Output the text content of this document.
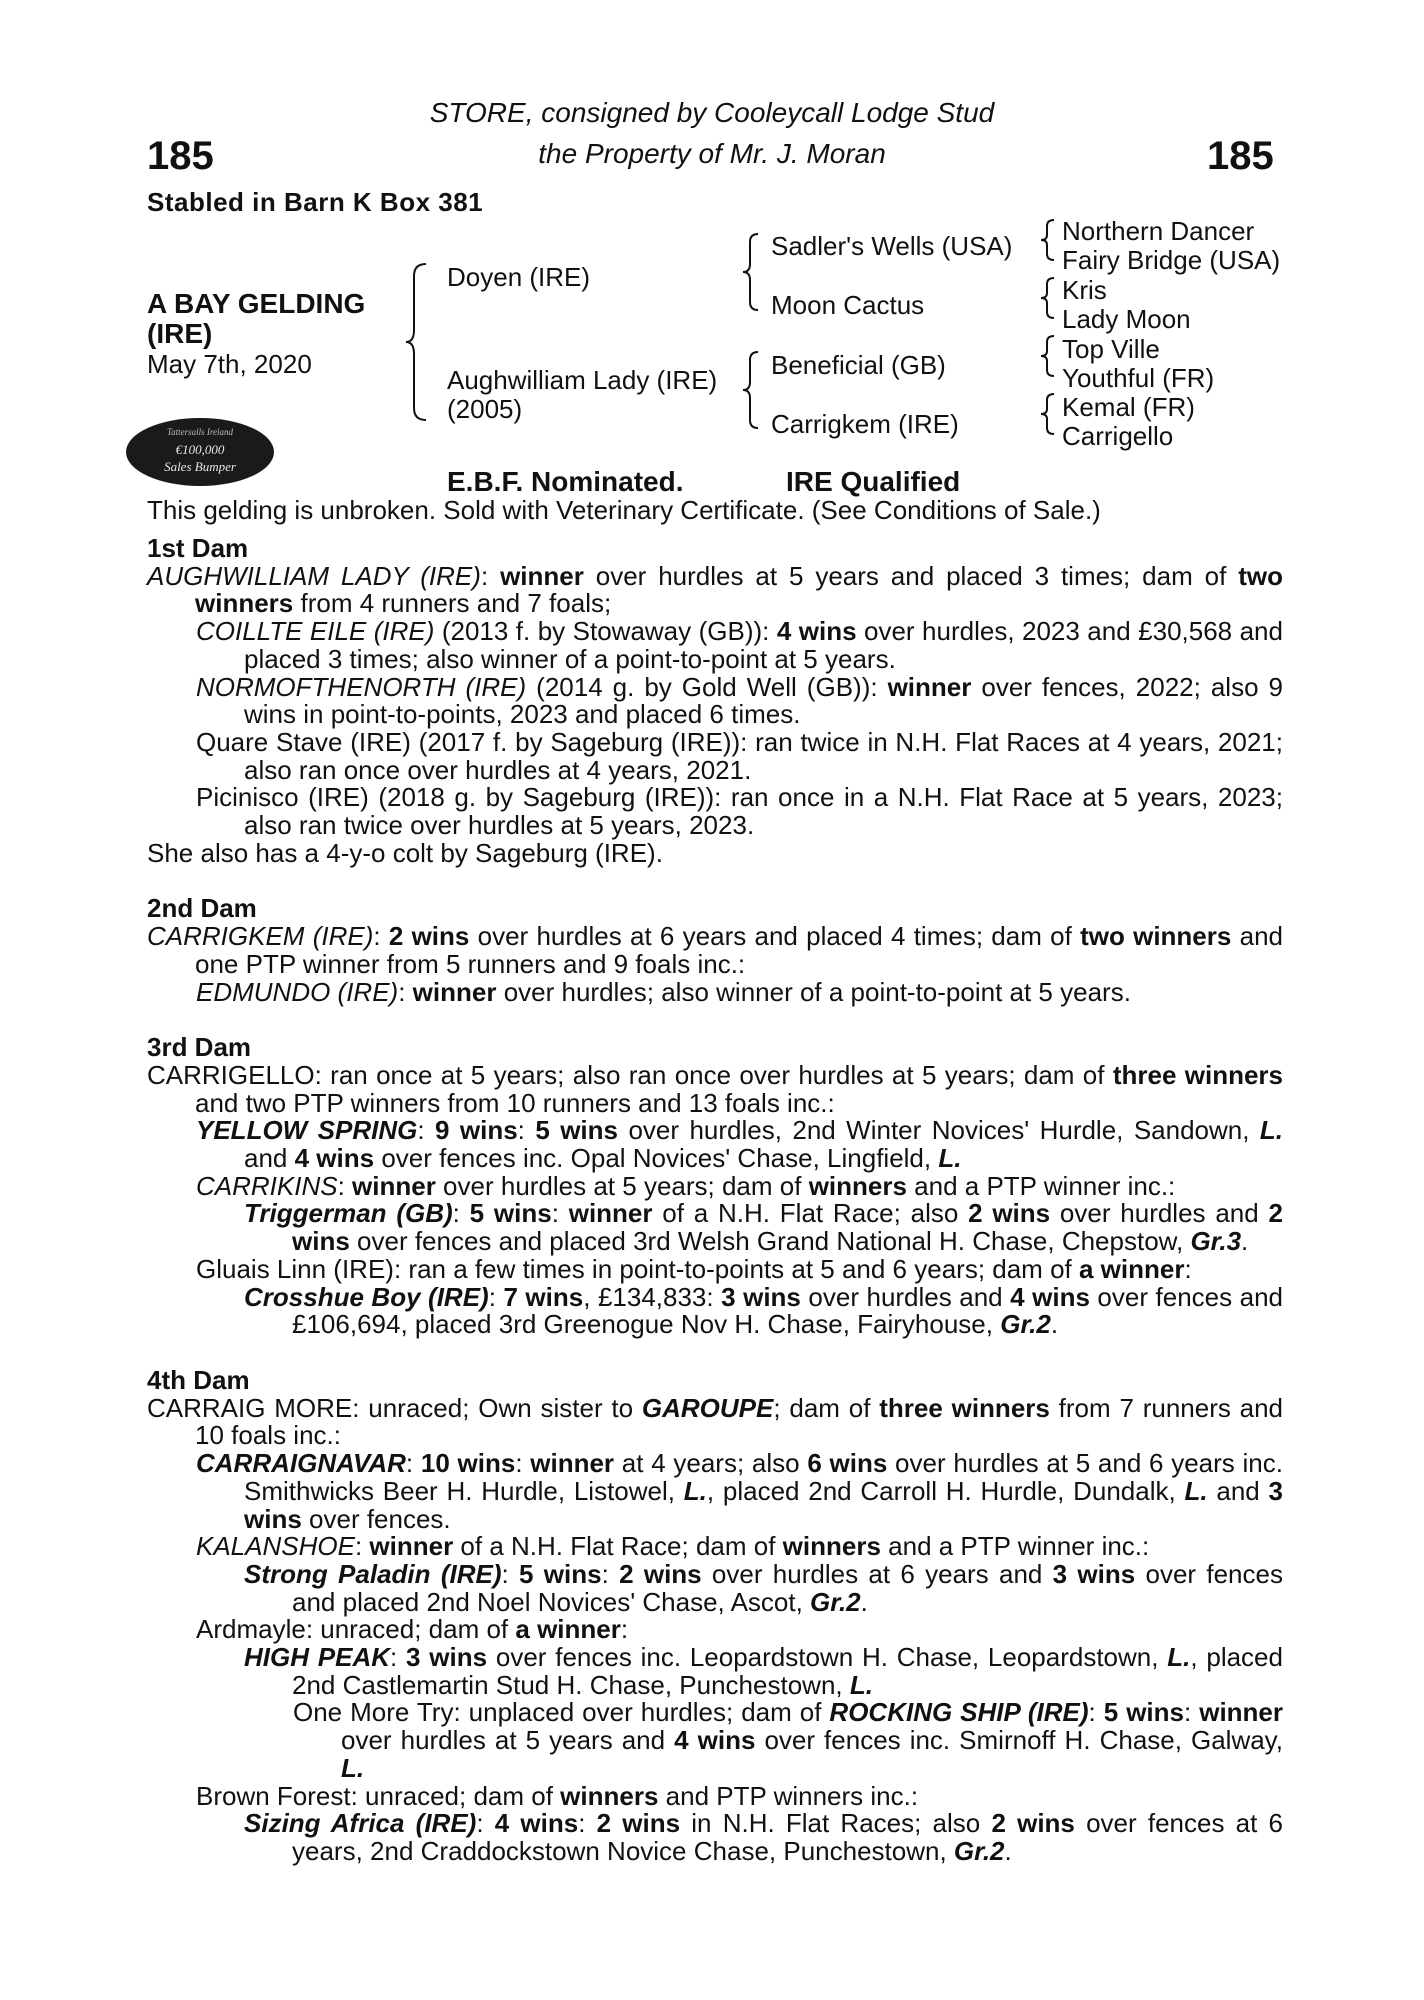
185	185
STORE, consigned by Cooleycall Lodge Stud
the Property of Mr. J. Moran
Stabled in Barn K Box 381
A BAY GELDING
(IRE)
May 7th, 2020
Doyen (IRE)
Aughwilliam Lady (IRE)
(2005)
Sadler's Wells (USA)
Moon Cactus
Beneficial (GB)
Carrigkem (IRE)
Northern Dancer
Fairy Bridge (USA)
Kris
Lady Moon
Top Ville
Youthful (FR)
Kemal (FR)
Carrigello
Tattersalls Ireland
€100,000
Sales Bumper	E.B.F. Nominated.	IRE Qualified
This gelding is unbroken. Sold with Veterinary Certificate. (See Conditions of Sale.)

1st Dam

AUGHWILLIAM LADY (IRE): winner over hurdles at 5 years and placed 3 times; dam of two winners from 4 runners and 7 foals;

COILLTE EILE (IRE) (2013 f. by Stowaway (GB)): 4 wins over hurdles, 2023 and £30,568 and placed 3 times; also winner of a point-to-point at 5 years.

NORMOFTHENORTH (IRE) (2014 g. by Gold Well (GB)): winner over fences, 2022; also 9 wins in point-to-points, 2023 and placed 6 times.

Quare Stave (IRE) (2017 f. by Sageburg (IRE)): ran twice in N.H. Flat Races at 4 years, 2021; also ran once over hurdles at 4 years, 2021.

Picinisco (IRE) (2018 g. by Sageburg (IRE)): ran once in a N.H. Flat Race at 5 years, 2023; also ran twice over hurdles at 5 years, 2023.

She also has a 4-y-o colt by Sageburg (IRE).

2nd Dam

CARRIGKEM (IRE): 2 wins over hurdles at 6 years and placed 4 times; dam of two winners and one PTP winner from 5 runners and 9 foals inc.:

EDMUNDO (IRE): winner over hurdles; also winner of a point-to-point at 5 years.

3rd Dam

CARRIGELLO: ran once at 5 years; also ran once over hurdles at 5 years; dam of three winners and two PTP winners from 10 runners and 13 foals inc.:

YELLOW SPRING: 9 wins: 5 wins over hurdles, 2nd Winter Novices' Hurdle, Sandown, L. and 4 wins over fences inc. Opal Novices' Chase, Lingfield, L.

CARRIKINS: winner over hurdles at 5 years; dam of winners and a PTP winner inc.:

Triggerman (GB): 5 wins: winner of a N.H. Flat Race; also 2 wins over hurdles and 2 wins over fences and placed 3rd Welsh Grand National H. Chase, Chepstow, Gr.3.

Gluais Linn (IRE): ran a few times in point-to-points at 5 and 6 years; dam of a winner:

Crosshue Boy (IRE): 7 wins, £134,833: 3 wins over hurdles and 4 wins over fences and £106,694, placed 3rd Greenogue Nov H. Chase, Fairyhouse, Gr.2.

4th Dam

CARRAIG MORE: unraced; Own sister to GAROUPE; dam of three winners from 7 runners and 10 foals inc.:

CARRAIGNAVAR: 10 wins: winner at 4 years; also 6 wins over hurdles at 5 and 6 years inc. Smithwicks Beer H. Hurdle, Listowel, L., placed 2nd Carroll H. Hurdle, Dundalk, L. and 3 wins over fences.

KALANSHOE: winner of a N.H. Flat Race; dam of winners and a PTP winner inc.:

Strong Paladin (IRE): 5 wins: 2 wins over hurdles at 6 years and 3 wins over fences and placed 2nd Noel Novices' Chase, Ascot, Gr.2.

Ardmayle: unraced; dam of a winner:

HIGH PEAK: 3 wins over fences inc. Leopardstown H. Chase, Leopardstown, L., placed 2nd Castlemartin Stud H. Chase, Punchestown, L.

One More Try: unplaced over hurdles; dam of ROCKING SHIP (IRE): 5 wins: winner over hurdles at 5 years and 4 wins over fences inc. Smirnoff H. Chase, Galway, L.

Brown Forest: unraced; dam of winners and PTP winners inc.:

Sizing Africa (IRE): 4 wins: 2 wins in N.H. Flat Races; also 2 wins over fences at 6 years, 2nd Craddockstown Novice Chase, Punchestown, Gr.2.
